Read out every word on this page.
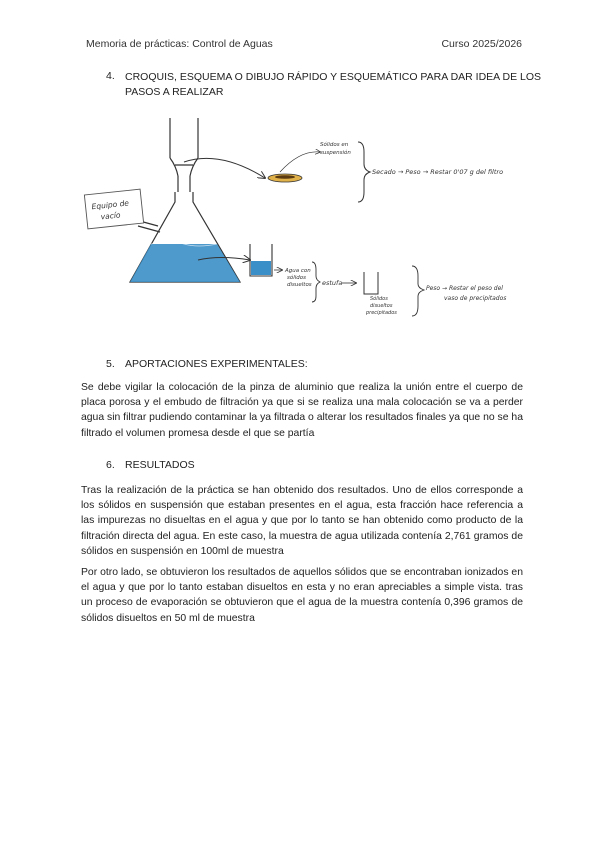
Memoria de prácticas: Control de Aguas	Curso 2025/2026
4. CROQUIS, ESQUEMA O DIBUJO RÁPIDO Y ESQUEMÁTICO PARA DAR IDEA DE LOS PASOS A REALIZAR
Equipo de
vacío
Sólidos en
suspensión
Secado → Peso → Restar 0'07 g del filtro
Agua con
sólidos
disueltos estufa
Sólidos
disueltos
precipitados
Peso → Restar el peso del
vaso de precipitados
5. APORTACIONES EXPERIMENTALES:
Se debe vigilar la colocación de la pinza de aluminio que realiza la unión entre el cuerpo de placa porosa y el embudo de filtración ya que si se realiza una mala colocación se va a perder agua sin filtrar pudiendo contaminar la ya filtrada o alterar los resultados finales ya que no se ha filtrado el volumen promesa desde el que se partía
6. RESULTADOS
Tras la realización de la práctica se han obtenido dos resultados. Uno de ellos corresponde a los sólidos en suspensión que estaban presentes en el agua, esta fracción hace referencia a las impurezas no disueltas en el agua y que por lo tanto se han obtenido como producto de la filtración directa del agua. En este caso, la muestra de agua utilizada contenía 2,761 gramos de sólidos en suspensión en 100ml de muestra
Por otro lado, se obtuvieron los resultados de aquellos sólidos que se encontraban ionizados en el agua y que por lo tanto estaban disueltos en esta y no eran apreciables a simple vista. tras un proceso de evaporación se obtuvieron que el agua de la muestra contenía 0,396 gramos de sólidos disueltos en 50 ml de muestra
